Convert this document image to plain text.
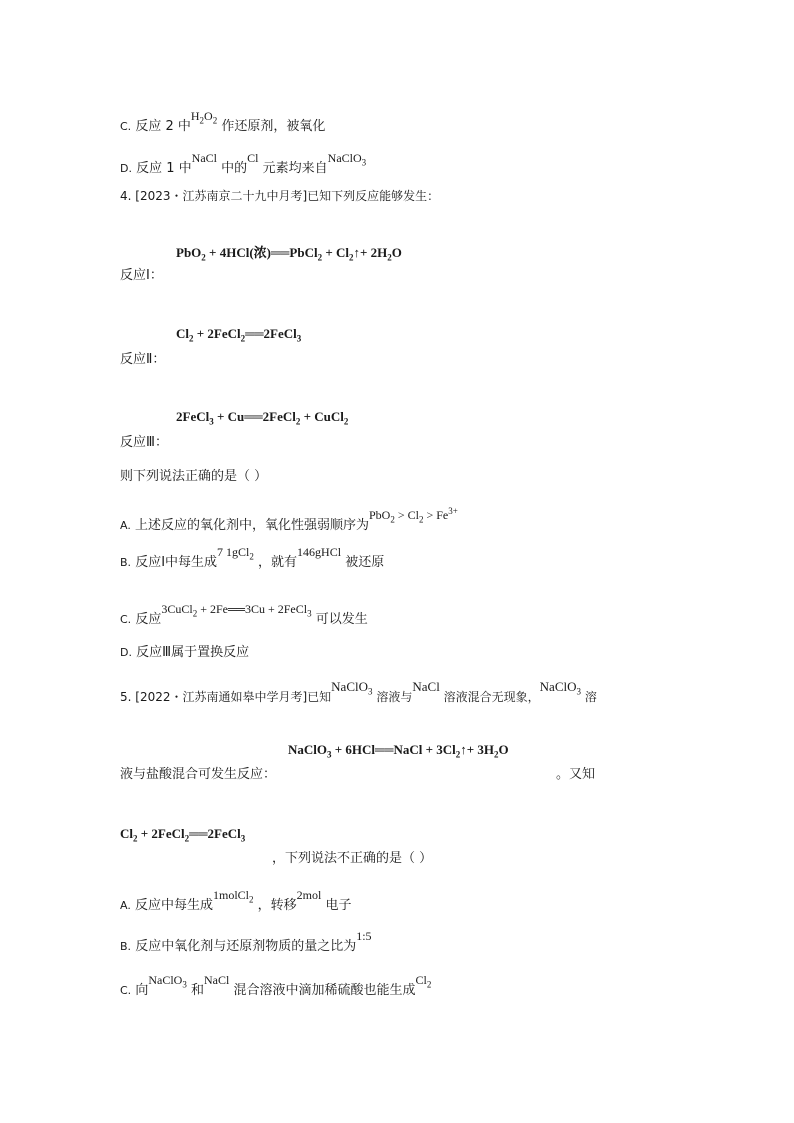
C. 反应 2 中$H_2O_2$ 作还原剂，被氧化
D. 反应 1 中NaCl 中的Cl 元素均来自NaClO$_3$
4. [2023・江苏南京二十九中月考]已知下列反应能够发生：
PbO$_2$ + 4HCl(浓)══PbCl$_2$ + $Cl_2↑+ 2H_2O$
反应Ⅰ：
$Cl_2$ + 2FeCl$_2$══2FeCl$_3$
反应Ⅱ：
2FeCl$_3$ + Cu══2FeCl$_2$ + CuCl$_2$
反应Ⅲ：
则下列说法正确的是（ ）
A. 上述反应的氧化剂中，氧化性强弱顺序为$PbO_2 > Cl_2 > Fe^{3+}$
B. 反应Ⅰ中每生成7 1gCl$_2$ ，就有146gHCl 被还原
C. 反应3CuCl$_2$ + 2Fe══3Cu + 2FeCl$_3$ 可以发生
D. 反应Ⅲ属于置换反应
5. [2022・江苏南通如皋中学月考]已知NaClO$_3$ 溶液与NaCl 溶液混合无现象，NaClO$_3$ 溶
NaClO$_3$ + 6HCl══NaCl + $3Cl_2↑+ 3H_2O$
液与盐酸混合可发生反应：	。又知
$Cl_2$ + 2FeCl$_2$══2FeCl$_3$
，下列说法不正确的是（ ）
A. 反应中每生成1molCl$_2$ ，转移2mol 电子
B. 反应中氧化剂与还原剂物质的量之比为1:5
C. 向NaClO$_3$ 和NaCl 混合溶液中滴加稀硫酸也能生成$Cl_2$
